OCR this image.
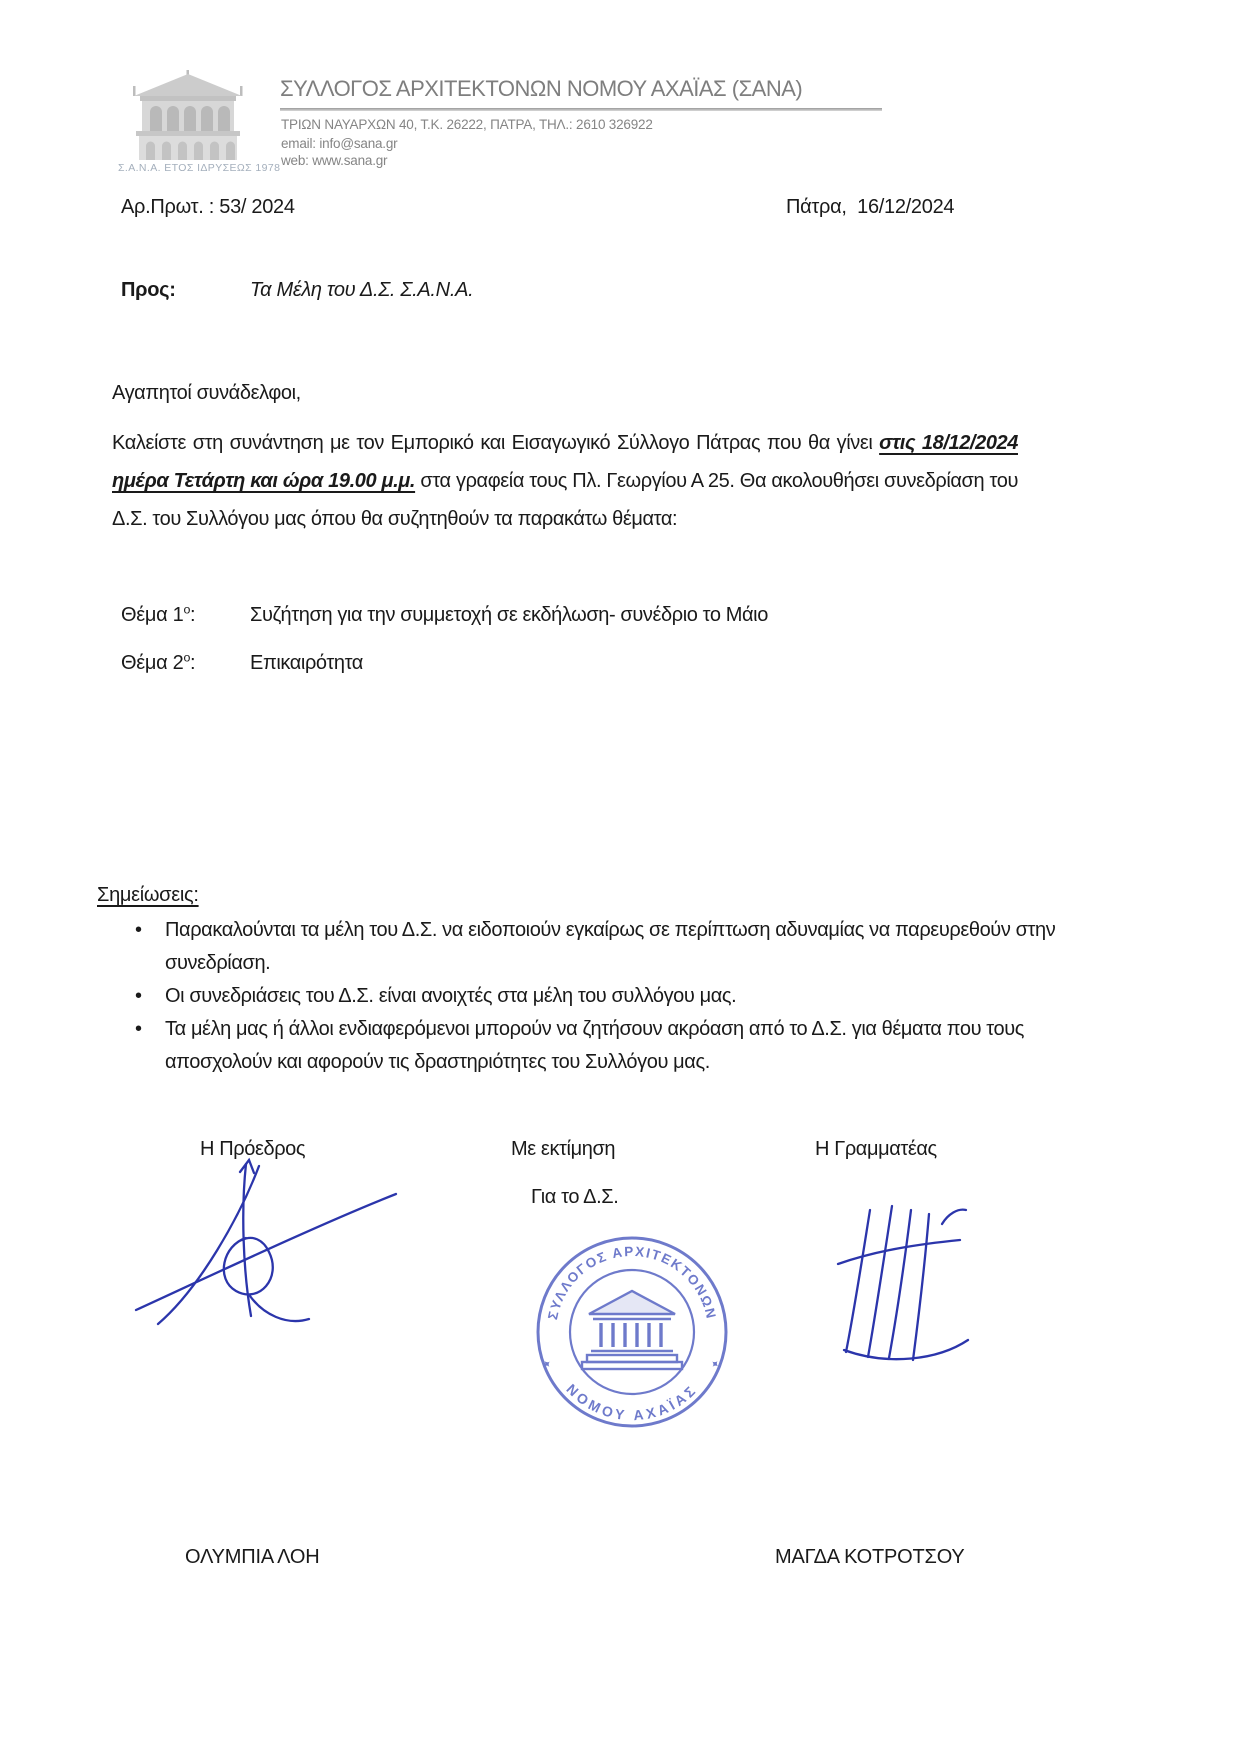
Σ.Α.Ν.Α. ΕΤΟΣ ΙΔΡΥΣΕΩΣ 1978
ΣΥΛΛΟΓΟΣ ΑΡΧΙΤΕΚΤΟΝΩΝ ΝΟΜΟΥ ΑΧΑΪΑΣ (ΣΑΝΑ)
ΤΡΙΩΝ ΝΑΥΑΡΧΩΝ 40, Τ.Κ. 26222, ΠΑΤΡΑ, ΤΗΛ.: 2610 326922
email: info@sana.gr
web: www.sana.gr
Αρ.Πρωτ. : 53/ 2024	Πάτρα,  16/12/2024
Προς:	Τα Μέλη του Δ.Σ. Σ.Α.Ν.Α.
Αγαπητοί συνάδελφοι,
Καλείστε στη συνάντηση με τον Εμπορικό και Εισαγωγικό Σύλλογο Πάτρας που θα γίνει στις 18/12/2024 ημέρα Τετάρτη και ώρα 19.00 μ.μ. στα γραφεία τους Πλ. Γεωργίου Α 25. Θα ακολουθήσει συνεδρίαση του Δ.Σ. του Συλλόγου μας όπου θα συζητηθούν τα παρακάτω θέματα:
Θέμα $1^o$:	Συζήτηση για την συμμετοχή σε εκδήλωση- συνέδριο το Μάιο
Θέμα $2^o$:	Επικαιρότητα
Σημείωσεις:
• Παρακαλούνται τα μέλη του Δ.Σ. να ειδοποιούν εγκαίρως σε περίπτωση αδυναμίας να παρευρεθούν στην συνεδρίαση.
• Οι συνεδριάσεις του Δ.Σ. είναι ανοιχτές στα μέλη του συλλόγου μας.
• Τα μέλη μας ή άλλοι ενδιαφερόμενοι μπορούν να ζητήσουν ακρόαση από το Δ.Σ. για θέματα που τους αποσχολούν και αφορούν τις δραστηριότητες του Συλλόγου μας.
Η Πρόεδρος	Με εκτίμηση	Η Γραμματέας
Για το Δ.Σ.
ΣΥΛΛΟΓΟΣ ΑΡΧΙΤΕΚΤΟΝΩΝ
ΝΟΜΟΥ ΑΧΑΪΑΣ
✦	✦
ΟΛΥΜΠΙΑ ΛΟΗ	ΜΑΓΔΑ ΚΟΤΡΟΤΣΟΥ
